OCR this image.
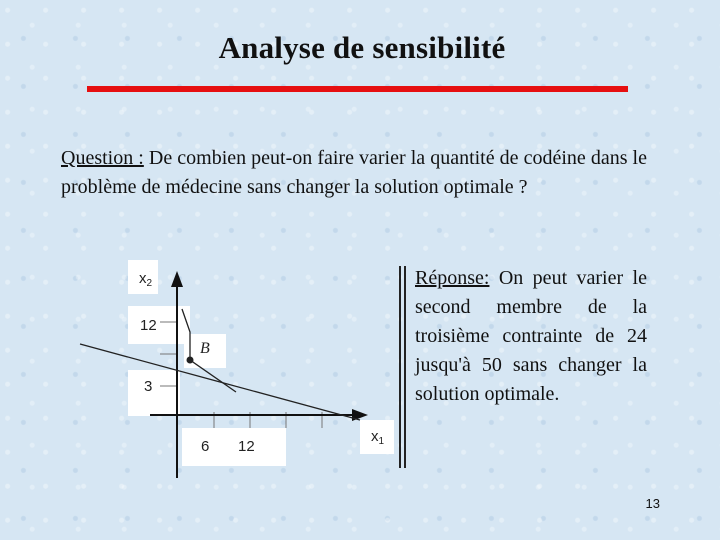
Analyse de sensibilité
Question : De combien peut-on faire varier la quantité de codéine dans le problème de médecine sans changer la solution optimale ?
$x_2$
12
B
3
6 12
$x_1$
Réponse: On peut varier le second membre de la troisième contrainte de 24 jusqu'à 50 sans changer la solution optimale.
13
